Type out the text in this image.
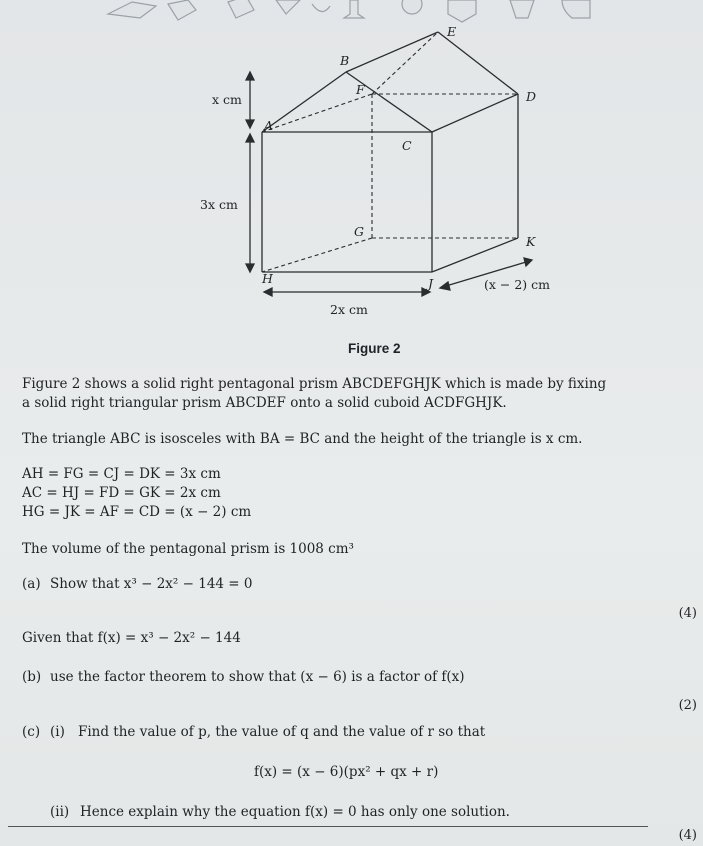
E
B
F	D
A
C
G
K
H	J
x cm
3x cm
2x cm
(x − 2) cm
Figure 2
Figure 2 shows a solid right pentagonal prism ABCDEFGHJK which is made by fixing
a solid right triangular prism ABCDEF onto a solid cuboid ACDFGHJK.
The triangle ABC is isosceles with BA = BC and the height of the triangle is x cm.
AH = FG = CJ = DK = 3x cm
AC = HJ = FD = GK = 2x cm
HG = JK = AF = CD = (x − 2) cm
The volume of the pentagonal prism is 1008 cm³
(a) Show that x³ − 2x² − 144 = 0
(4)
Given that f(x) = x³ − 2x² − 144
(b) use the factor theorem to show that (x − 6) is a factor of f(x)
(2)
(c) (i) Find the value of p, the value of q and the value of r so that
f(x) = (x − 6)(px² + qx + r)
(ii) Hence explain why the equation f(x) = 0 has only one solution.
(4)
